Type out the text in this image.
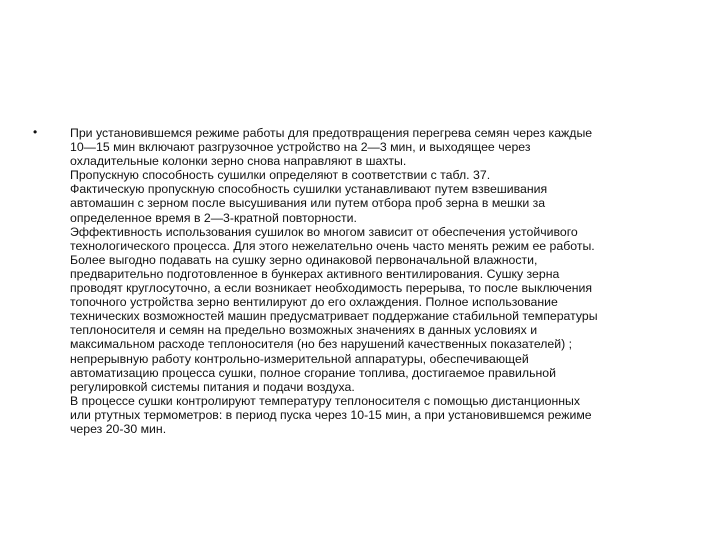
•	При установившемся режиме работы для предотвращения перегрева семян через каждые
10—15 мин включают разгрузочное устройство на 2—3 мин, и выходящее через
охладительные колонки зерно снова направляют в шахты.
Пропускную способность сушилки определяют в соответствии с табл. 37.
Фактическую пропускную способность сушилки устанавливают путем взвешивания
автомашин с зерном после высушивания или путем отбора проб зерна в мешки за
определенное время в 2—3-кратной повторности.
Эффективность использования сушилок во многом зависит от обеспечения устойчивого
технологического процесса. Для этого нежелательно очень часто менять режим ее работы.
Более выгодно подавать на сушку зерно одинаковой первоначальной влажности,
предварительно подготовленное в бункерах активного вентилирования. Сушку зерна
проводят круглосуточно, а если возникает необходимость перерыва, то после выключения
топочного устройства зерно вентилируют до его охлаждения. Полное использование
технических возможностей машин предусматривает поддержание стабильной температуры
теплоносителя и семян на предельно возможных значениях в данных условиях и
максимальном расходе теплоносителя (но без нарушений качественных показателей) ;
непрерывную работу контрольно-измерительной аппаратуры, обеспечивающей
автоматизацию процесса сушки, полное сгорание топлива, достигаемое правильной
регулировкой системы питания и подачи воздуха.
В процессе сушки контролируют температуру теплоносителя с помощью дистанционных
или ртутных термометров: в период пуска через 10-15 мин, а при установившемся режиме
через 20-30 мин.
